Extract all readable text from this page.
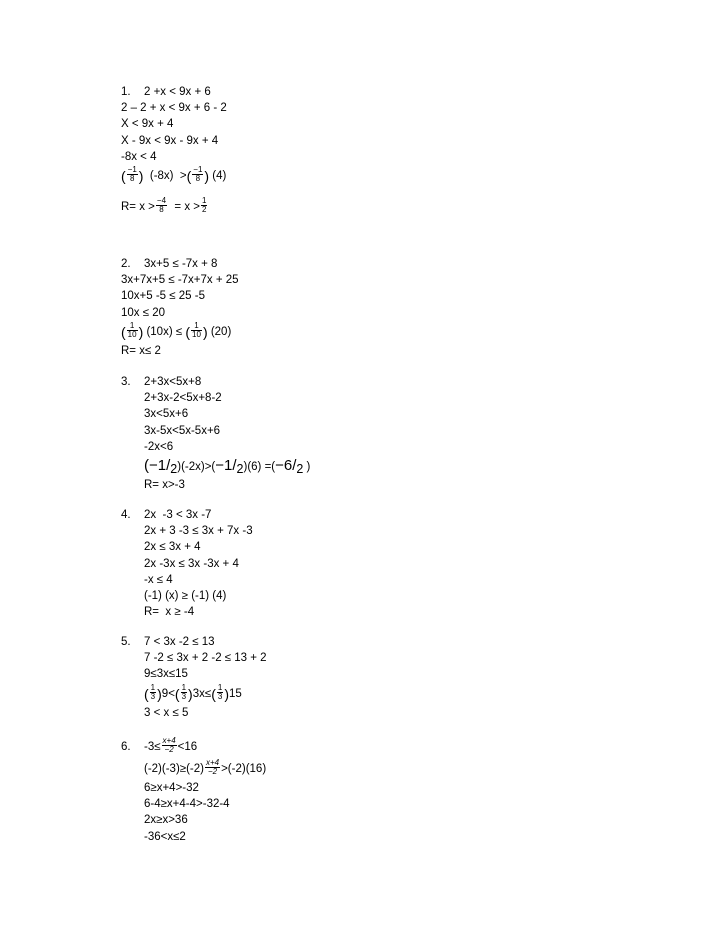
1. 2 +x < 9x + 6
2 – 2 + x < 9x + 6 - 2
X < 9x + 4
X - 9x < 9x - 9x + 4
-8x < 4
( $\frac{-1}{8}$ ) (-8x)  >( $\frac{-1}{8}$ ) (4)
$R= x > \frac{-4}{8} = x > \frac{1}{2}$
2. 3x+5 ≤ -7x + 8
3x+7x+5 ≤ -7x+7x + 25
10x+5 -5 ≤ 25 -5
10x ≤ 20
( $\frac{1}{10}$ ) (10x) ≤ ( $\frac{1}{10}$ ) (20)
R= x≤ 2
3. 2+3x<5x+8
2+3x-2<5x+8-2
3x<5x+6
3x-5x<5x-5x+6
-2x<6
(−1/2)(-2x)>(−1/2)(6) =(−6/2 )
R= x>-3
4. 2x  -3 < 3x -7
2x + 3 -3 ≤ 3x + 7x -3
2x ≤ 3x + 4
2x -3x ≤ 3x -3x + 4
-x ≤ 4
(-1) (x) ≥ (-1) (4)
R=  x ≥ -4
5. 7 < 3x -2 ≤ 13
7 -2 ≤ 3x + 2 -2 ≤ 13 + 2
9≤3x≤15
( $\frac{1}{3} )9<( \frac{1}{3} )3x\le( \frac{1}{3} )15$
3 < x ≤ 5
6. $-3\le \frac{x+4}{-2} <16$
$(-2)(-3)\ge(-2) \frac{x+4}{-2} >(-2)(16)$
6≥x+4>-32
6-4≥x+4-4>-32-4
2x≥x>36
-36<x≤2
